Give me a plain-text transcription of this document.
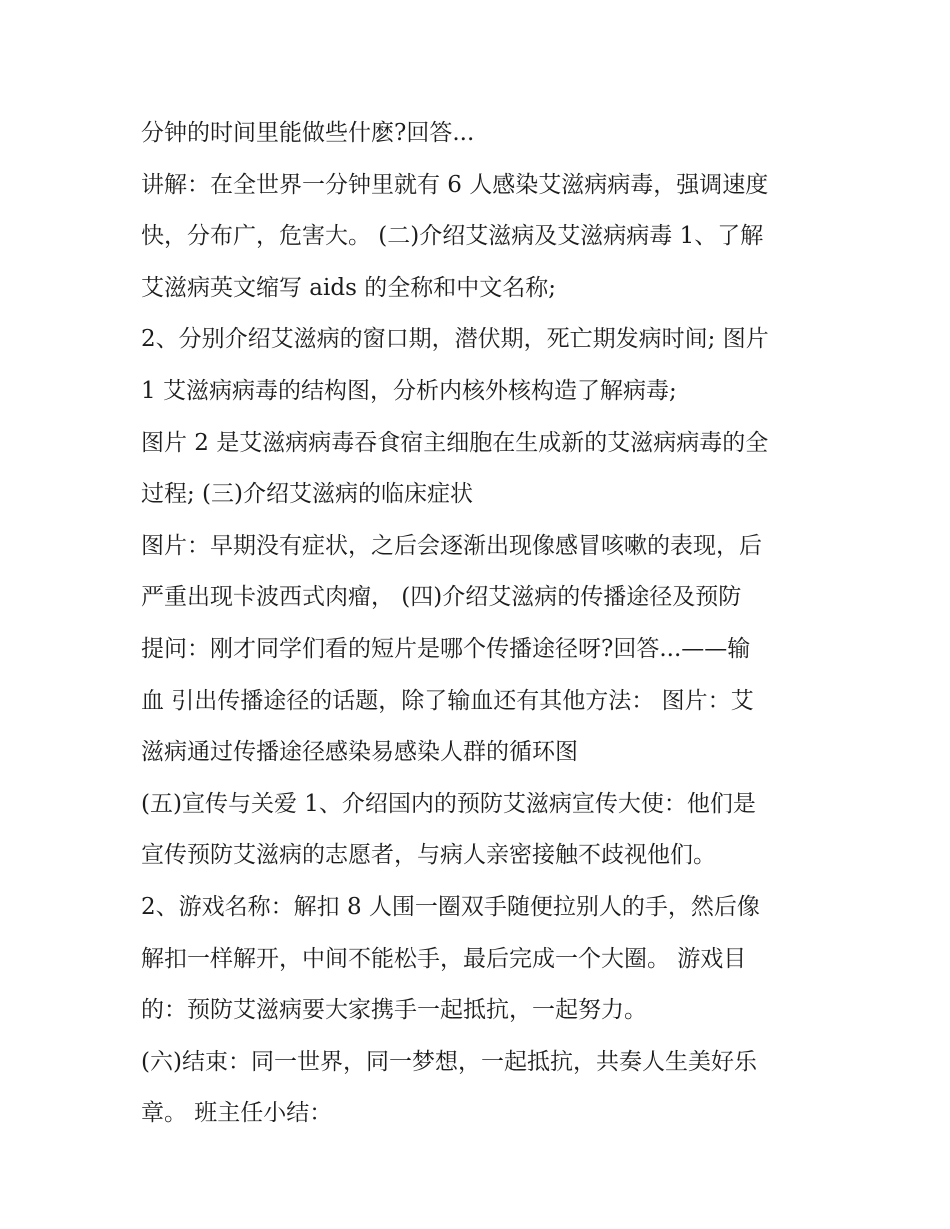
分钟的时间里能做些什麽?回答...
讲解：在全世界一分钟里就有 6 人感染艾滋病病毒，强调速度
快，分布广，危害大。 (二)介绍艾滋病及艾滋病病毒 1、了解
艾滋病英文缩写 aids 的全称和中文名称;
2、分别介绍艾滋病的窗口期，潜伏期，死亡期发病时间; 图片
1 艾滋病病毒的结构图，分析内核外核构造了解病毒;
图片 2 是艾滋病病毒吞食宿主细胞在生成新的艾滋病病毒的全
过程; (三)介绍艾滋病的临床症状
图片：早期没有症状，之后会逐渐出现像感冒咳嗽的表现，后
严重出现卡波西式肉瘤， (四)介绍艾滋病的传播途径及预防
提问：刚才同学们看的短片是哪个传播途径呀?回答...——输
血 引出传播途径的话题，除了输血还有其他方法： 图片：艾
滋病通过传播途径感染易感染人群的循环图
(五)宣传与关爱 1、介绍国内的预防艾滋病宣传大使：他们是
宣传预防艾滋病的志愿者，与病人亲密接触不歧视他们。
2、游戏名称：解扣 8 人围一圈双手随便拉别人的手，然后像
解扣一样解开，中间不能松手，最后完成一个大圈。 游戏目
的：预防艾滋病要大家携手一起抵抗，一起努力。
(六)结束：同一世界，同一梦想，一起抵抗，共奏人生美好乐
章。 班主任小结：
